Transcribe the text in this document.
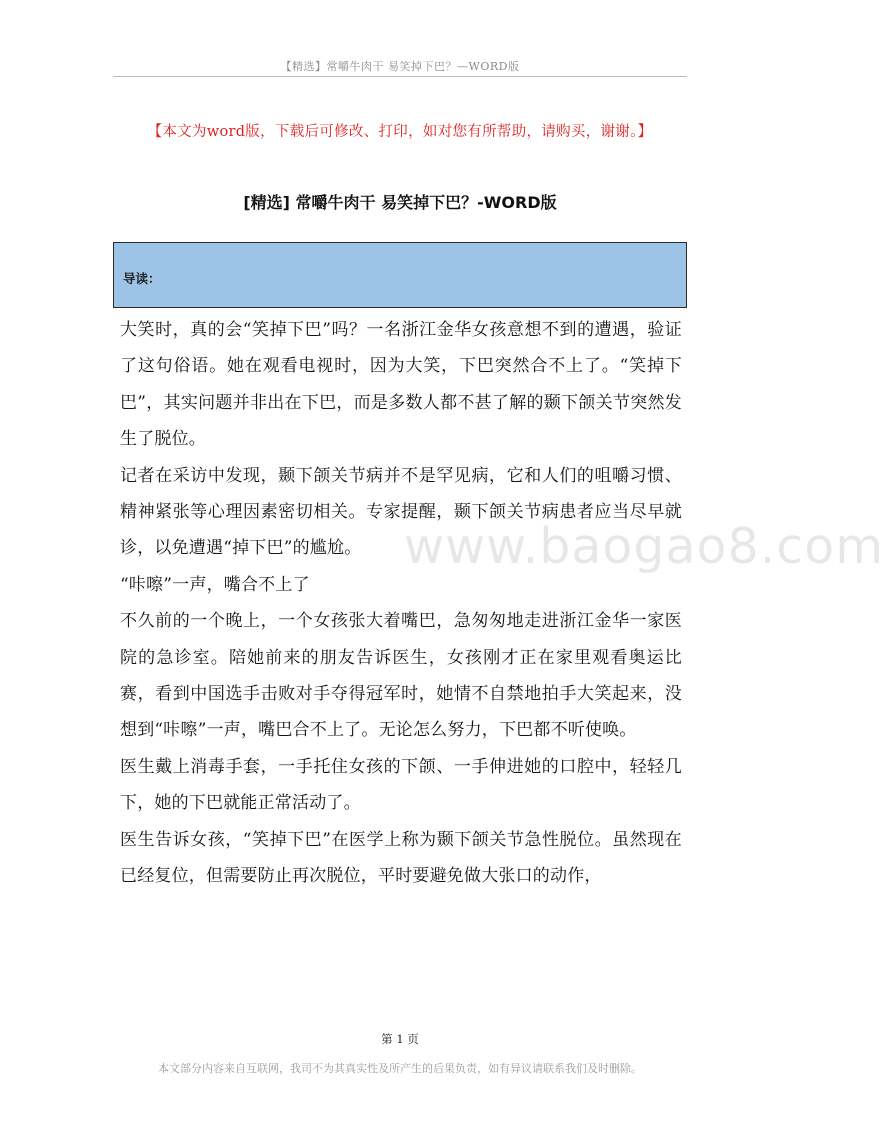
【精选】常嚼牛肉干 易笑掉下巴？—WORD版
【本文为word版，下载后可修改、打印，如对您有所帮助，请购买，谢谢。】
[精选] 常嚼牛肉干 易笑掉下巴？-WORD版
导读：

大笑时，真的会“笑掉下巴”吗？一名浙江金华女孩意想不到的遭遇，验证了这句俗语。她在观看电视时，因为大笑，下巴突然合不上了。“笑掉下巴”，其实问题并非出在下巴，而是多数人都不甚了解的颞下颌关节突然发生了脱位。

记者在采访中发现，颞下颌关节病并不是罕见病，它和人们的咀嚼习惯、精神紧张等心理因素密切相关。专家提醒，颞下颌关节病患者应当尽早就诊，以免遭遇“掉下巴”的尴尬。

“咔嚓”一声，嘴合不上了

不久前的一个晚上，一个女孩张大着嘴巴，急匆匆地走进浙江金华一家医院的急诊室。陪她前来的朋友告诉医生，女孩刚才正在家里观看奥运比赛，看到中国选手击败对手夺得冠军时，她情不自禁地拍手大笑起来，没想到“咔嚓”一声，嘴巴合不上了。无论怎么努力，下巴都不听使唤。

医生戴上消毒手套，一手托住女孩的下颌、一手伸进她的口腔中，轻轻几下，她的下巴就能正常活动了。

医生告诉女孩，“笑掉下巴”在医学上称为颞下颌关节急性脱位。虽然现在已经复位，但需要防止再次脱位，平时要避免做大张口的动作，

www.baogao8.com
第 1 页
本文部分内容来自互联网，我司不为其真实性及所产生的后果负责，如有异议请联系我们及时删除。
